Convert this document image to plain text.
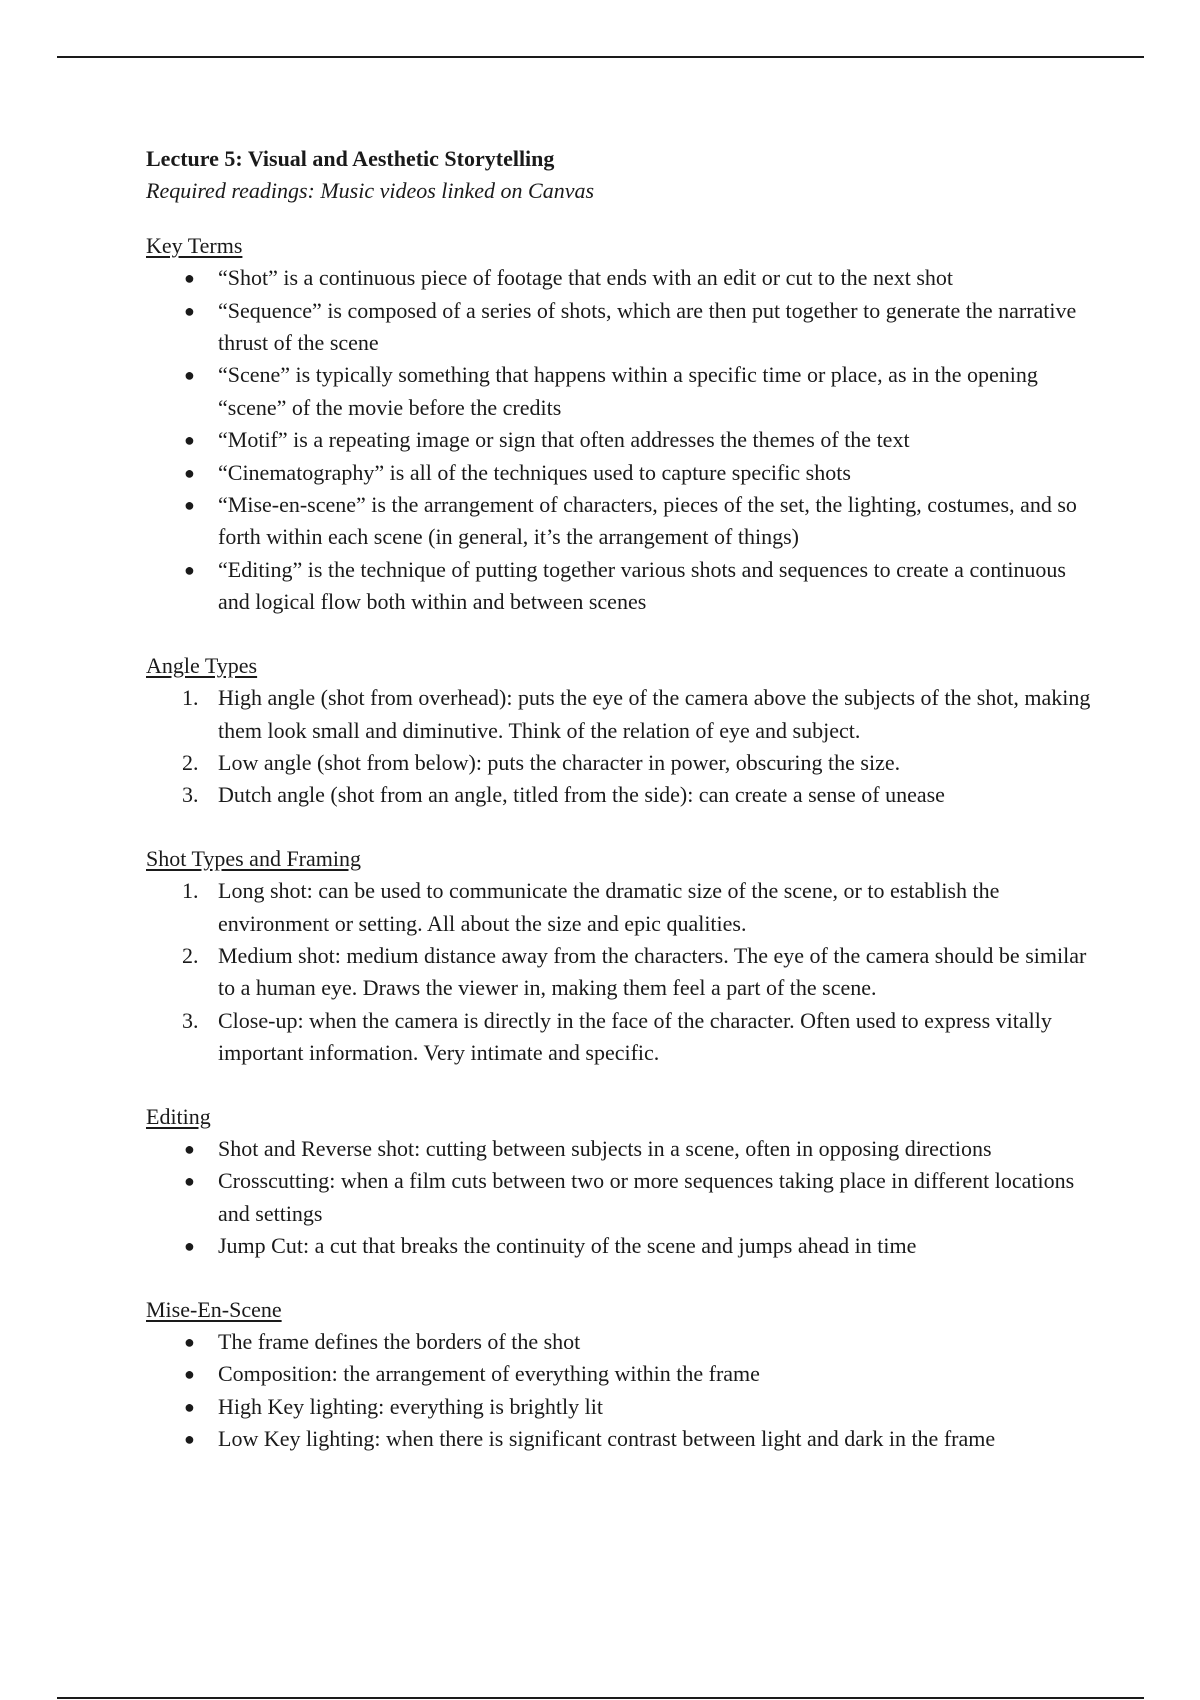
Lecture 5: Visual and Aesthetic Storytelling

Required readings: Music videos linked on Canvas

Key Terms

● “Shot” is a continuous piece of footage that ends with an edit or cut to the next shot
● “Sequence” is composed of a series of shots, which are then put together to generate the narrative thrust of the scene
● “Scene” is typically something that happens within a specific time or place, as in the opening “scene” of the movie before the credits
● “Motif” is a repeating image or sign that often addresses the themes of the text
● “Cinematography” is all of the techniques used to capture specific shots
● “Mise-en-scene” is the arrangement of characters, pieces of the set, the lighting, costumes, and so forth within each scene (in general, it’s the arrangement of things)
● “Editing” is the technique of putting together various shots and sequences to create a continuous and logical flow both within and between scenes

Angle Types

1. High angle (shot from overhead): puts the eye of the camera above the subjects of the shot, making them look small and diminutive. Think of the relation of eye and subject.
2. Low angle (shot from below): puts the character in power, obscuring the size.
3. Dutch angle (shot from an angle, titled from the side): can create a sense of unease

Shot Types and Framing

1. Long shot: can be used to communicate the dramatic size of the scene, or to establish the environment or setting. All about the size and epic qualities.
2. Medium shot: medium distance away from the characters. The eye of the camera should be similar to a human eye. Draws the viewer in, making them feel a part of the scene.
3. Close-up: when the camera is directly in the face of the character. Often used to express vitally important information. Very intimate and specific.

Editing

● Shot and Reverse shot: cutting between subjects in a scene, often in opposing directions
● Crosscutting: when a film cuts between two or more sequences taking place in different locations and settings
● Jump Cut: a cut that breaks the continuity of the scene and jumps ahead in time

Mise-En-Scene

● The frame defines the borders of the shot
● Composition: the arrangement of everything within the frame
● High Key lighting: everything is brightly lit
● Low Key lighting: when there is significant contrast between light and dark in the frame
